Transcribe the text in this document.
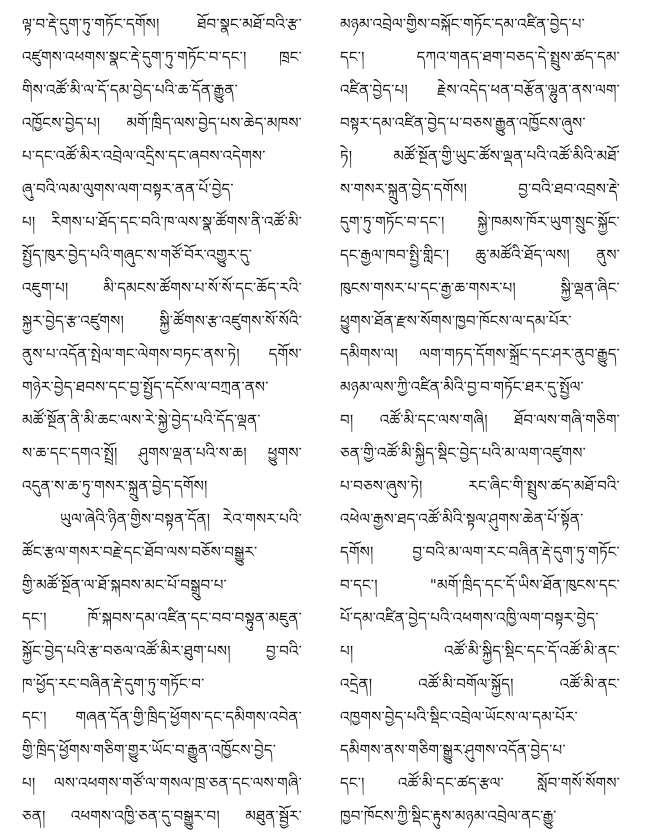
ལྟ་བ་རྡེ་དུག་ཏུ་གཏོང་དགོས། ཐོབ་སྣང་མཐོ་བའི་རྩ་
འཛུགས་འཕགས་སྣང་རྡེ་དུག་ཏུ་གཏོང་བ་དང་། ཁྲང་
གིས་འཚོ་མི་ལ་དོ་དམ་བྱེད་པའི་ཆ་དོན་རྒྱུན་
འཁྱོངས་བྱེད་པ། མགོ་ཁྲིད་ལས་བྱེད་པས་ཆེད་མཁས་
པ་དང་འཚོ་མིར་འབྲེལ་འདྲིས་དང་ཞབས་འདེགས་
ཞུ་བའི་ལམ་ལུགས་ལག་བསྟར་ནན་པོ་བྱེད་
པ། རིགས་པ་ཐོད་དང་བའི་ཁ་ལས་སྣ་ཚོགས་ནི་འཚོ་མི་
སྤྱོད་ཁུར་བྱེད་པའི་གཞུང་ས་གཙོ་བོར་འགྱུར་དུ་
འཇུག་པ། མི་དམངས་ཚོགས་པ་སོ་སོ་དང་ཆོད་རའི་
སྐྱར་བྱེད་རྩ་འཛུགས། སྐྱི་ཚོགས་རྩ་འཛུགས་སོ་སོའི་
ནུས་པ་འདོན་སྤེལ་གང་ལེགས་བཏང་ནས་ཏེ། དགོས་
གཉེར་བྱེད་ཐབས་དང་བྱ་སྤྱོད་དངོས་ལ་བཀྲན་ནས་
མཚོ་སྔོན་ནི་མི་ཆང་ལས་རེ་སྐྱེ་བྱེད་པའི་དོད་ལྡན་
ས་ཆ་དང་དགའ་སྤྲོ། ཤུགས་ལྡན་པའི་ས་ཆ། ཕྱུགས་
འདུན་ས་ཆ་ཏུ་གསར་སྐྲུན་བྱེད་དགོས།
ཡུལ་ཞེའི་ཉིན་གྱིས་བསྟན་དོན། རེའ་གསར་པའི་
ཚོང་རྩལ་གསར་བརྗེ་དང་ཐོབ་ལས་བཅོས་བསྒྱུར་
གྱི་མཚོ་སྔོན་ལ་ཐོ་སྐབས་མང་པོ་བསྒྲུབ་པ་
དང་། ཁོ་སྐབས་དམ་འཛིན་དང་བབ་བསྟུན་མཇུན་
སྐྱོང་བྱེད་པའི་རྩ་བཅལ་འཚོ་མིར་ཐུག་པས། བྱ་བའི་
ཁ་ཕྱོད་རང་བཞིན་རྡེ་དུག་ཏུ་གཏོང་བ་
དང་། གཞན་དོན་གྱི་ཁྲིད་ཕྱོགས་དང་དམིགས་འབེན་
གྱི་ཁྲིད་ཕྱོགས་གཅིག་གྱུར་ཡོང་བ་རྒྱུན་འཁྱོངས་བྱེད་
པ། ལས་འཕགས་གཙོ་ལ་གསལ་ཁྲ་ཅན་དང་ལས་གཞི་
ཅན། འཕགས་འཁྱི་ཅན་དུ་བསྒྱུར་བ། མཐུན་སྦྱོར་
མཉམ་འབྲེལ་གྱིས་བསྐོང་གཏོང་དམ་འཛིན་བྱེད་པ་
དང་། དཀའ་གནད་ཐག་བཅད་དེ་སྤྲུས་ཚད་དམ་
འཛིན་བྱེད་པ། རྗེས་འདེད་ཕན་བརྩོན་ལྷུན་ནས་ལག་
བསྟར་དམ་འཛིན་བྱེད་པ་བཅས་རྒྱུན་འཁྱོངས་ཞུས་
ཏེ། མཚོ་སྔོན་གྱི་ཡུང་ཚོས་ལྡན་པའི་འཚོ་མིའི་མཐོ་
ས་གསར་སྐྲུན་བྱེད་དགོས། བྱ་བའི་ཐབ་འབྲས་རྡེ་
དུག་ཏུ་གཏོང་བ་དང་། སྐྱེ་ཁམས་ཁོར་ཡུག་སྲུང་སྐྱོང་
དང་རྒྱལ་ཁབ་སྤྱི་གླིང་། ཆུ་མཚོའི་ཐོད་ལས། ནུས་
ཁུངས་གསར་པ་དང་རྒྱ་ཆ་གསར་པ། སྐྱི་ལྡན་ཞིང་
ཕྱུགས་ཐོན་རྫས་སོགས་ཁྱབ་ཁོངས་ལ་དམ་པོར་
དམིགས་ལ། ལག་གཏད་དོགས་སྐྲོང་དང་ཤར་ནུབ་རྒྱུད་
མཉམ་ལས་ཀྱི་འཛིན་མིའི་བྱ་བ་གཏོང་ཐར་དུ་སྤྱོལ་
བ། འཚོ་མི་དང་ལས་གཞི། ཐོབ་ལས་གཞི་གཅིག་
ཅན་གྱི་འཚོ་མི་སྐྱིད་སྡིང་བྱེད་པའི་མ་ལག་འཛུགས་
པ་བཅས་ཞུས་ཏེ། རང་ཞིང་གི་སྤྲུས་ཚད་མཐོ་བའི་
འཕེལ་རྒྱས་ཐད་འཚོ་མིའི་སྟལ་ཤུགས་ཆེན་པོ་སྟོན་
དགོས། བྱ་བའི་མ་ལག་རང་བཞིན་རྡེ་དུག་ཏུ་གཏོང་
བ་དང་། "མགོ་ཁྲིད་དང་དོ་ཡིས་ཐོན་ཁུངས་དང་
པོ་དམ་འཛིན་བྱེད་པའི་འཕགས་འཁྱི་ལག་བསྟར་བྱེད་
པ། འཚོ་མི་སྐྱིད་སྡིང་དང་དོ་འཚོ་མི་ནང་
འདྲེན། འཚོ་མི་བགོལ་སྐྱོད། འཚོ་མི་ནང་
འཁྱགས་བྱེད་པའི་སྡིང་འབྲེལ་ཡོངས་ལ་དམ་པོར་
དམིགས་ནས་གཅིག་སྒྱུར་ཤུགས་འདོན་བྱེད་པ་
དང་། འཚོ་མི་དང་ཚད་རྩལ་ སློབ་གསོ་སོགས་
ཁྱབ་ཁོངས་ཀྱི་སྡིང་རྟུས་མཉམ་འབྲེལ་ནང་རྒྱུ་
